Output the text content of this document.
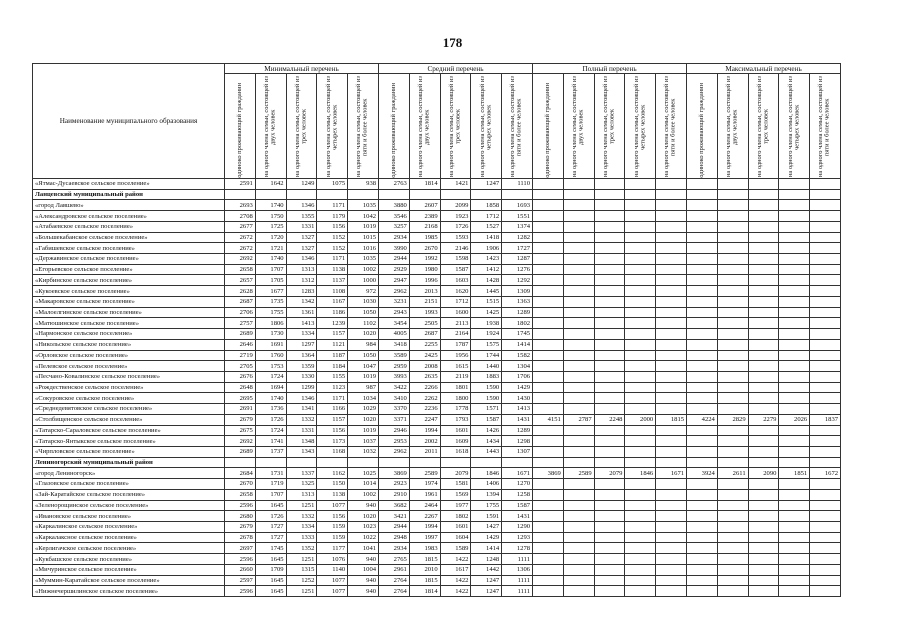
178
Наименование муниципального образования	Минимальный перечень					Средний перечень					Полный перечень					Максимальный перечень				

	одиноко проживающий гражданин	на одного члена семьи, состоящей из двух человек	на одного члена семьи, состоящей из трех человек	на одного члена семьи, состоящей из четырех человек	на одного члена семьи, состоящей из пяти и более человек	одиноко проживающий гражданин	на одного члена семьи, состоящей из двух человек	на одного члена семьи, состоящей из трех человек	на одного члена семьи, состоящей из четырех человек	на одного члена семьи, состоящей из пяти и более человек	одиноко проживающий гражданин	на одного члена семьи, состоящей из двух человек	на одного члена семьи, состоящей из трех человек	на одного члена семьи, состоящей из четырех человек	на одного члена семьи, состоящей из пяти и более человек	одиноко проживающий гражданин	на одного члена семьи, состоящей из двух человек	на одного члена семьи, состоящей из трех человек	на одного члена семьи, состоящей из четырех человек	на одного члена семьи, состоящей из пяти и более человек

«Ятмас-Дусаевское сельское поселение»	2591	1642	1249	1075	938	2763	1814	1421	1247	1110										
Ланцевский муниципальный район																				
«город Лавшево»	2693	1740	1346	1171	1035	3880	2607	2099	1858	1693										
«Александровское сельское поселение»	2708	1750	1355	1179	1042	3546	2389	1923	1712	1551										
«Атабаевское сельское поселение»	2677	1725	1331	1156	1019	3257	2168	1726	1527	1374										
«Большекабанское сельское поселение»	2672	1720	1327	1152	1015	2934	1985	1593	1418	1282										
«Габишевское сельское поселение»	2672	1721	1327	1152	1016	3990	2670	2146	1906	1727										
«Державинское сельское поселение»	2692	1740	1346	1171	1035	2944	1992	1598	1423	1287										
«Егорьевское сельское поселение»	2658	1707	1313	1138	1002	2929	1980	1587	1412	1276										
«Кирбинское сельское поселение»	2657	1705	1312	1137	1000	2947	1996	1603	1428	1292										
«Кукоевское сельское поселение»	2628	1677	1283	1108	972	2962	2013	1620	1445	1309										
«Макаровское сельское поселение»	2687	1735	1342	1167	1030	3231	2151	1712	1515	1363										
«Малоелгинское сельское поселение»	2706	1755	1361	1186	1050	2943	1993	1600	1425	1289										
«Матюшинское сельское поселение»	2757	1806	1413	1239	1102	3454	2505	2113	1938	1802										
«Нармонское сельское поселение»	2689	1730	1334	1157	1020	4005	2687	2164	1924	1745										
«Никольское сельское поселение»	2646	1691	1297	1121	984	3418	2255	1787	1575	1414										
«Орловское сельское поселение»	2719	1760	1364	1187	1050	3589	2425	1956	1744	1582										
«Пелевское сельское поселение»	2705	1753	1359	1184	1047	2959	2008	1615	1440	1304										
«Песчано-Ковалинское сельское поселение»	2676	1724	1330	1155	1019	3993	2635	2119	1883	1706										
«Рождественское сельское поселение»	2648	1694	1299	1123	987	3422	2266	1801	1590	1429										
«Сокуровское сельское поселение»	2695	1740	1346	1171	1034	3410	2262	1800	1590	1430										
«Среднедевятовское сельское поселение»	2691	1736	1341	1166	1029	3370	2236	1778	1571	1413										
«Столбищенское сельское поселение»	2679	1726	1332	1157	1020	3371	2247	1793	1587	1431	4151	2787	2248	2000	1815	4224	2829	2279	2026	1837
«Татарско-Сараловское сельское поселение»	2675	1724	1331	1156	1019	2946	1994	1601	1426	1289										
«Татарско-Янтыкское сельское поселение»	2692	1741	1348	1173	1037	2953	2002	1609	1434	1298										
«Чирпловское сельское поселение»	2689	1737	1343	1168	1032	2962	2011	1618	1443	1307										
Лениногорский муниципальный район																				
«город Лениногорск»	2684	1731	1337	1162	1025	3869	2589	2079	1846	1671	3869	2589	2079	1846	1671	3924	2611	2090	1851	1672
«Глазовское сельское поселение»	2670	1719	1325	1150	1014	2923	1974	1581	1406	1270										
«Зай-Каратайское сельское поселение»	2658	1707	1313	1138	1002	2910	1961	1569	1394	1258										
«Зеленорощинское сельское поселение»	2596	1645	1251	1077	940	3682	2464	1977	1755	1587										
«Ивановское сельское поселение»	2680	1726	1332	1156	1020	3421	2267	1802	1591	1431										
«Каркалинское сельское поселение»	2679	1727	1334	1159	1023	2944	1994	1601	1427	1290										
«Каркалаксное сельское поселение»	2678	1727	1333	1159	1022	2948	1997	1604	1429	1293										
«Керлигачское сельское поселение»	2697	1745	1352	1177	1041	2934	1983	1589	1414	1278										
«Кукбашское сельское поселение»	2596	1645	1251	1076	940	2765	1815	1422	1248	1111										
«Мичуринское сельское поселение»	2660	1709	1315	1140	1004	2961	2010	1617	1442	1306										
«Муммин-Каратайское сельское поселение»	2597	1645	1252	1077	940	2764	1815	1422	1247	1111										
«Нижнечершилинское сельское поселение»	2596	1645	1251	1077	940	2764	1814	1422	1247	1111										
